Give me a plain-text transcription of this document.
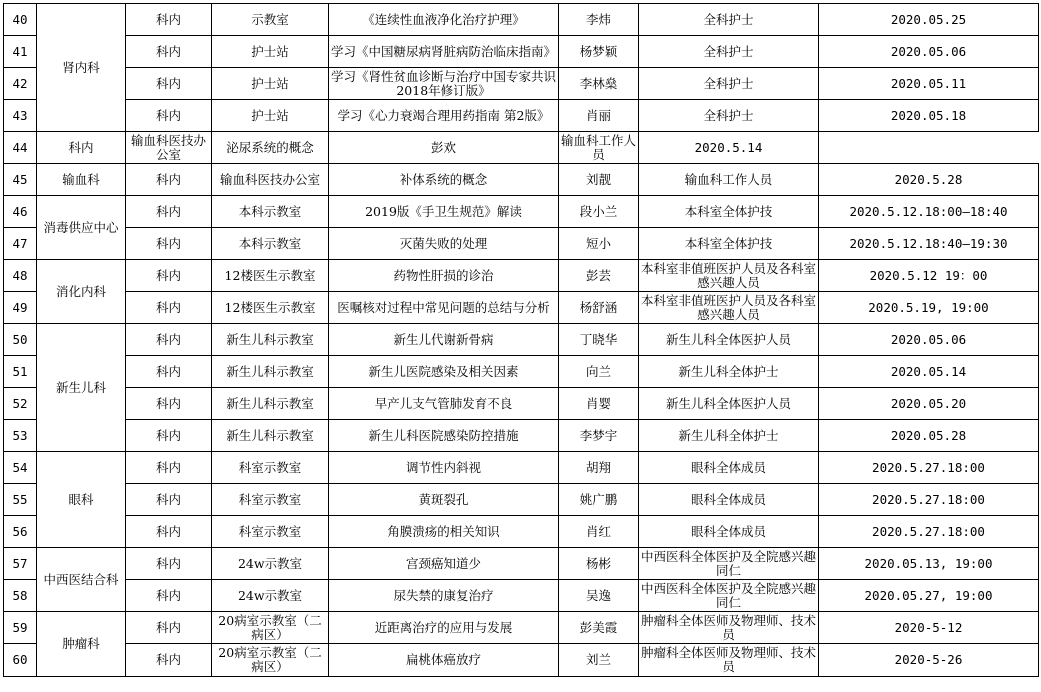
40	肾内科	科内	示教室	《连续性血液净化治疗护理》	李炜	全科护士	2020.05.25
41		科内	护士站	学习《中国糖尿病肾脏病防治临床指南》	杨梦颖	全科护士	2020.05.06
42		科内	护士站	学习《肾性贫血诊断与治疗中国专家共识 2018年修订版》	李林燊	全科护士	2020.05.11
43		科内	护士站	学习《心力衰竭合理用药指南 第2版》	肖丽	全科护士	2020.05.18
44	科内	输血科医技办公室	泌尿系统的概念	彭欢	输血科工作人员	2020.5.14	
45	输血科	科内	输血科医技办公室	补体系统的概念	刘靓	输血科工作人员	2020.5.28
46	消毒供应中心	科内	本科示教室	2019版《手卫生规范》解读	段小兰	本科室全体护技	2020.5.12.18:00—18:40
47		科内	本科示教室	灭菌失败的处理	短小	本科室全体护技	2020.5.12.18:40—19:30
48	消化内科	科内	12楼医生示教室	药物性肝损的诊治	彭芸	本科室非值班医护人员及各科室感兴趣人员	2020.5.12 19：00
49		科内	12楼医生示教室	医嘱核对过程中常见问题的总结与分析	杨舒涵	本科室非值班医护人员及各科室感兴趣人员	2020.5.19, 19:00
50	新生儿科	科内	新生儿科示教室	新生儿代谢新骨病	丁晓华	新生儿科全体医护人员	2020.05.06
51		科内	新生儿科示教室	新生儿医院感染及相关因素	向兰	新生儿科全体护士	2020.05.14
52		科内	新生儿科示教室	早产儿支气管肺发育不良	肖婴	新生儿科全体医护人员	2020.05.20
53		科内	新生儿科示教室	新生儿科医院感染防控措施	李梦宇	新生儿科全体护士	2020.05.28
54	眼科	科内	科室示教室	调节性内斜视	胡翔	眼科全体成员	2020.5.27.18:00
55		科内	科室示教室	黄斑裂孔	姚广鹏	眼科全体成员	2020.5.27.18:00
56		科内	科室示教室	角膜溃疡的相关知识	肖红	眼科全体成员	2020.5.27.18:00
57	中西医结合科	科内	24w示教室	宫颈癌知道少	杨彬	中西医科全体医护及全院感兴趣同仁	2020.05.13, 19:00
58		科内	24w示教室	尿失禁的康复治疗	吴逸	中西医科全体医护及全院感兴趣同仁	2020.05.27, 19:00
59	肿瘤科	科内	20病室示教室（二病区）	近距离治疗的应用与发展	彭美霞	肿瘤科全体医师及物理师、技术员	2020-5-12
60		科内	20病室示教室（二病区）	扁桃体癌放疗	刘兰	肿瘤科全体医师及物理师、技术员	2020-5-26
